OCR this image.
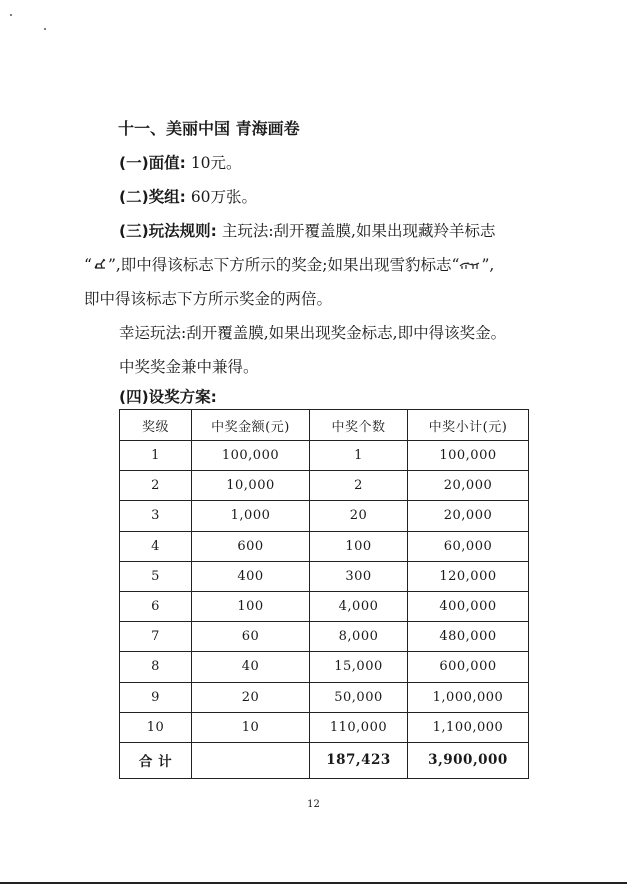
十一、美丽中国 青海画卷
(一)面值: 10元。
(二)奖组: 60万张。
(三)玩法规则: 主玩法:刮开覆盖膜,如果出现藏羚羊标志
“ ”,即中得该标志下方所示的奖金;如果出现雪豹标志“ ”,
即中得该标志下方所示奖金的两倍。
幸运玩法:刮开覆盖膜,如果出现奖金标志,即中得该奖金。
中奖奖金兼中兼得。
(四)设奖方案:
奖级	中奖金额(元)	中奖个数	中奖小计(元)
1	100,000	1	100,000
2	10,000	2	20,000
3	1,000	20	20,000
4	600	100	60,000
5	400	300	120,000
6	100	4,000	400,000
7	60	8,000	480,000
8	40	15,000	600,000
9	20	50,000	1,000,000
10	10	110,000	1,100,000
合 计		187,423	3,900,000
12
